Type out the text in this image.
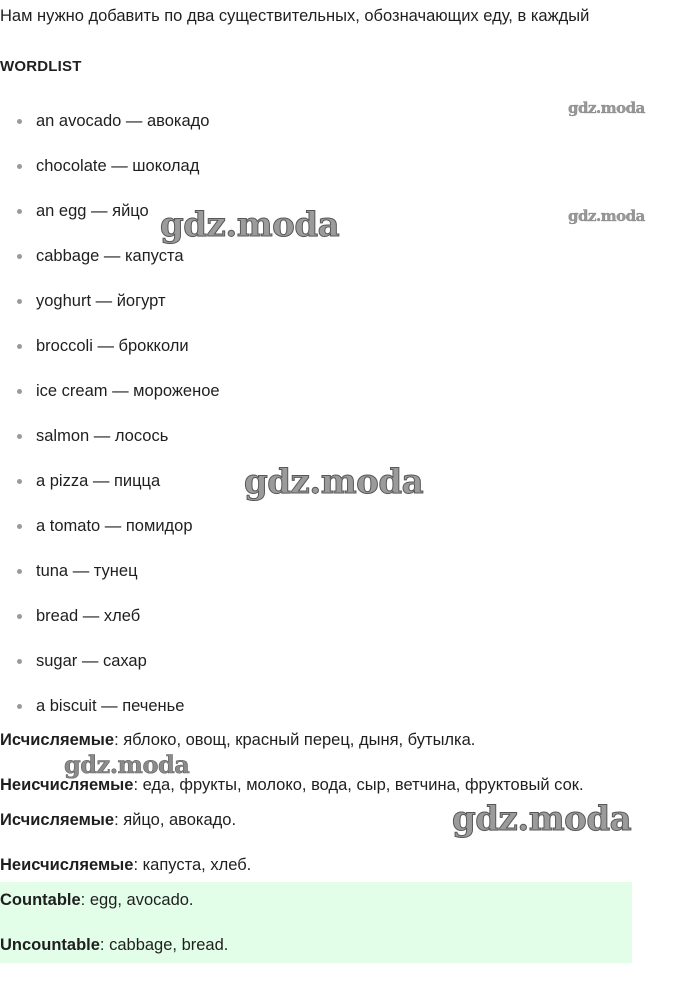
Нам нужно добавить по два существительных, обозначающих еду, в каждый
WORDLIST
an avocado — авокадо
chocolate — шоколад
an egg — яйцо
cabbage — капуста
yoghurt — йогурт
broccoli — брокколи
ice cream — мороженое
salmon — лосось
a pizza — пицца
a tomato — помидор
tuna — тунец
bread — хлеб
sugar — сахар
a biscuit — печенье
Исчисляемые: яблоко, овощ, красный перец, дыня, бутылка.
Неисчисляемые: еда, фрукты, молоко, вода, сыр, ветчина, фруктовый сок.
Исчисляемые: яйцо, авокадо.
Неисчисляемые: капуста, хлеб.
Countable: egg, avocado.
Uncountable: cabbage, bread.
gdz.moda
gdz.moda
gdz.moda
gdz.moda
gdz.moda
gdz.moda
